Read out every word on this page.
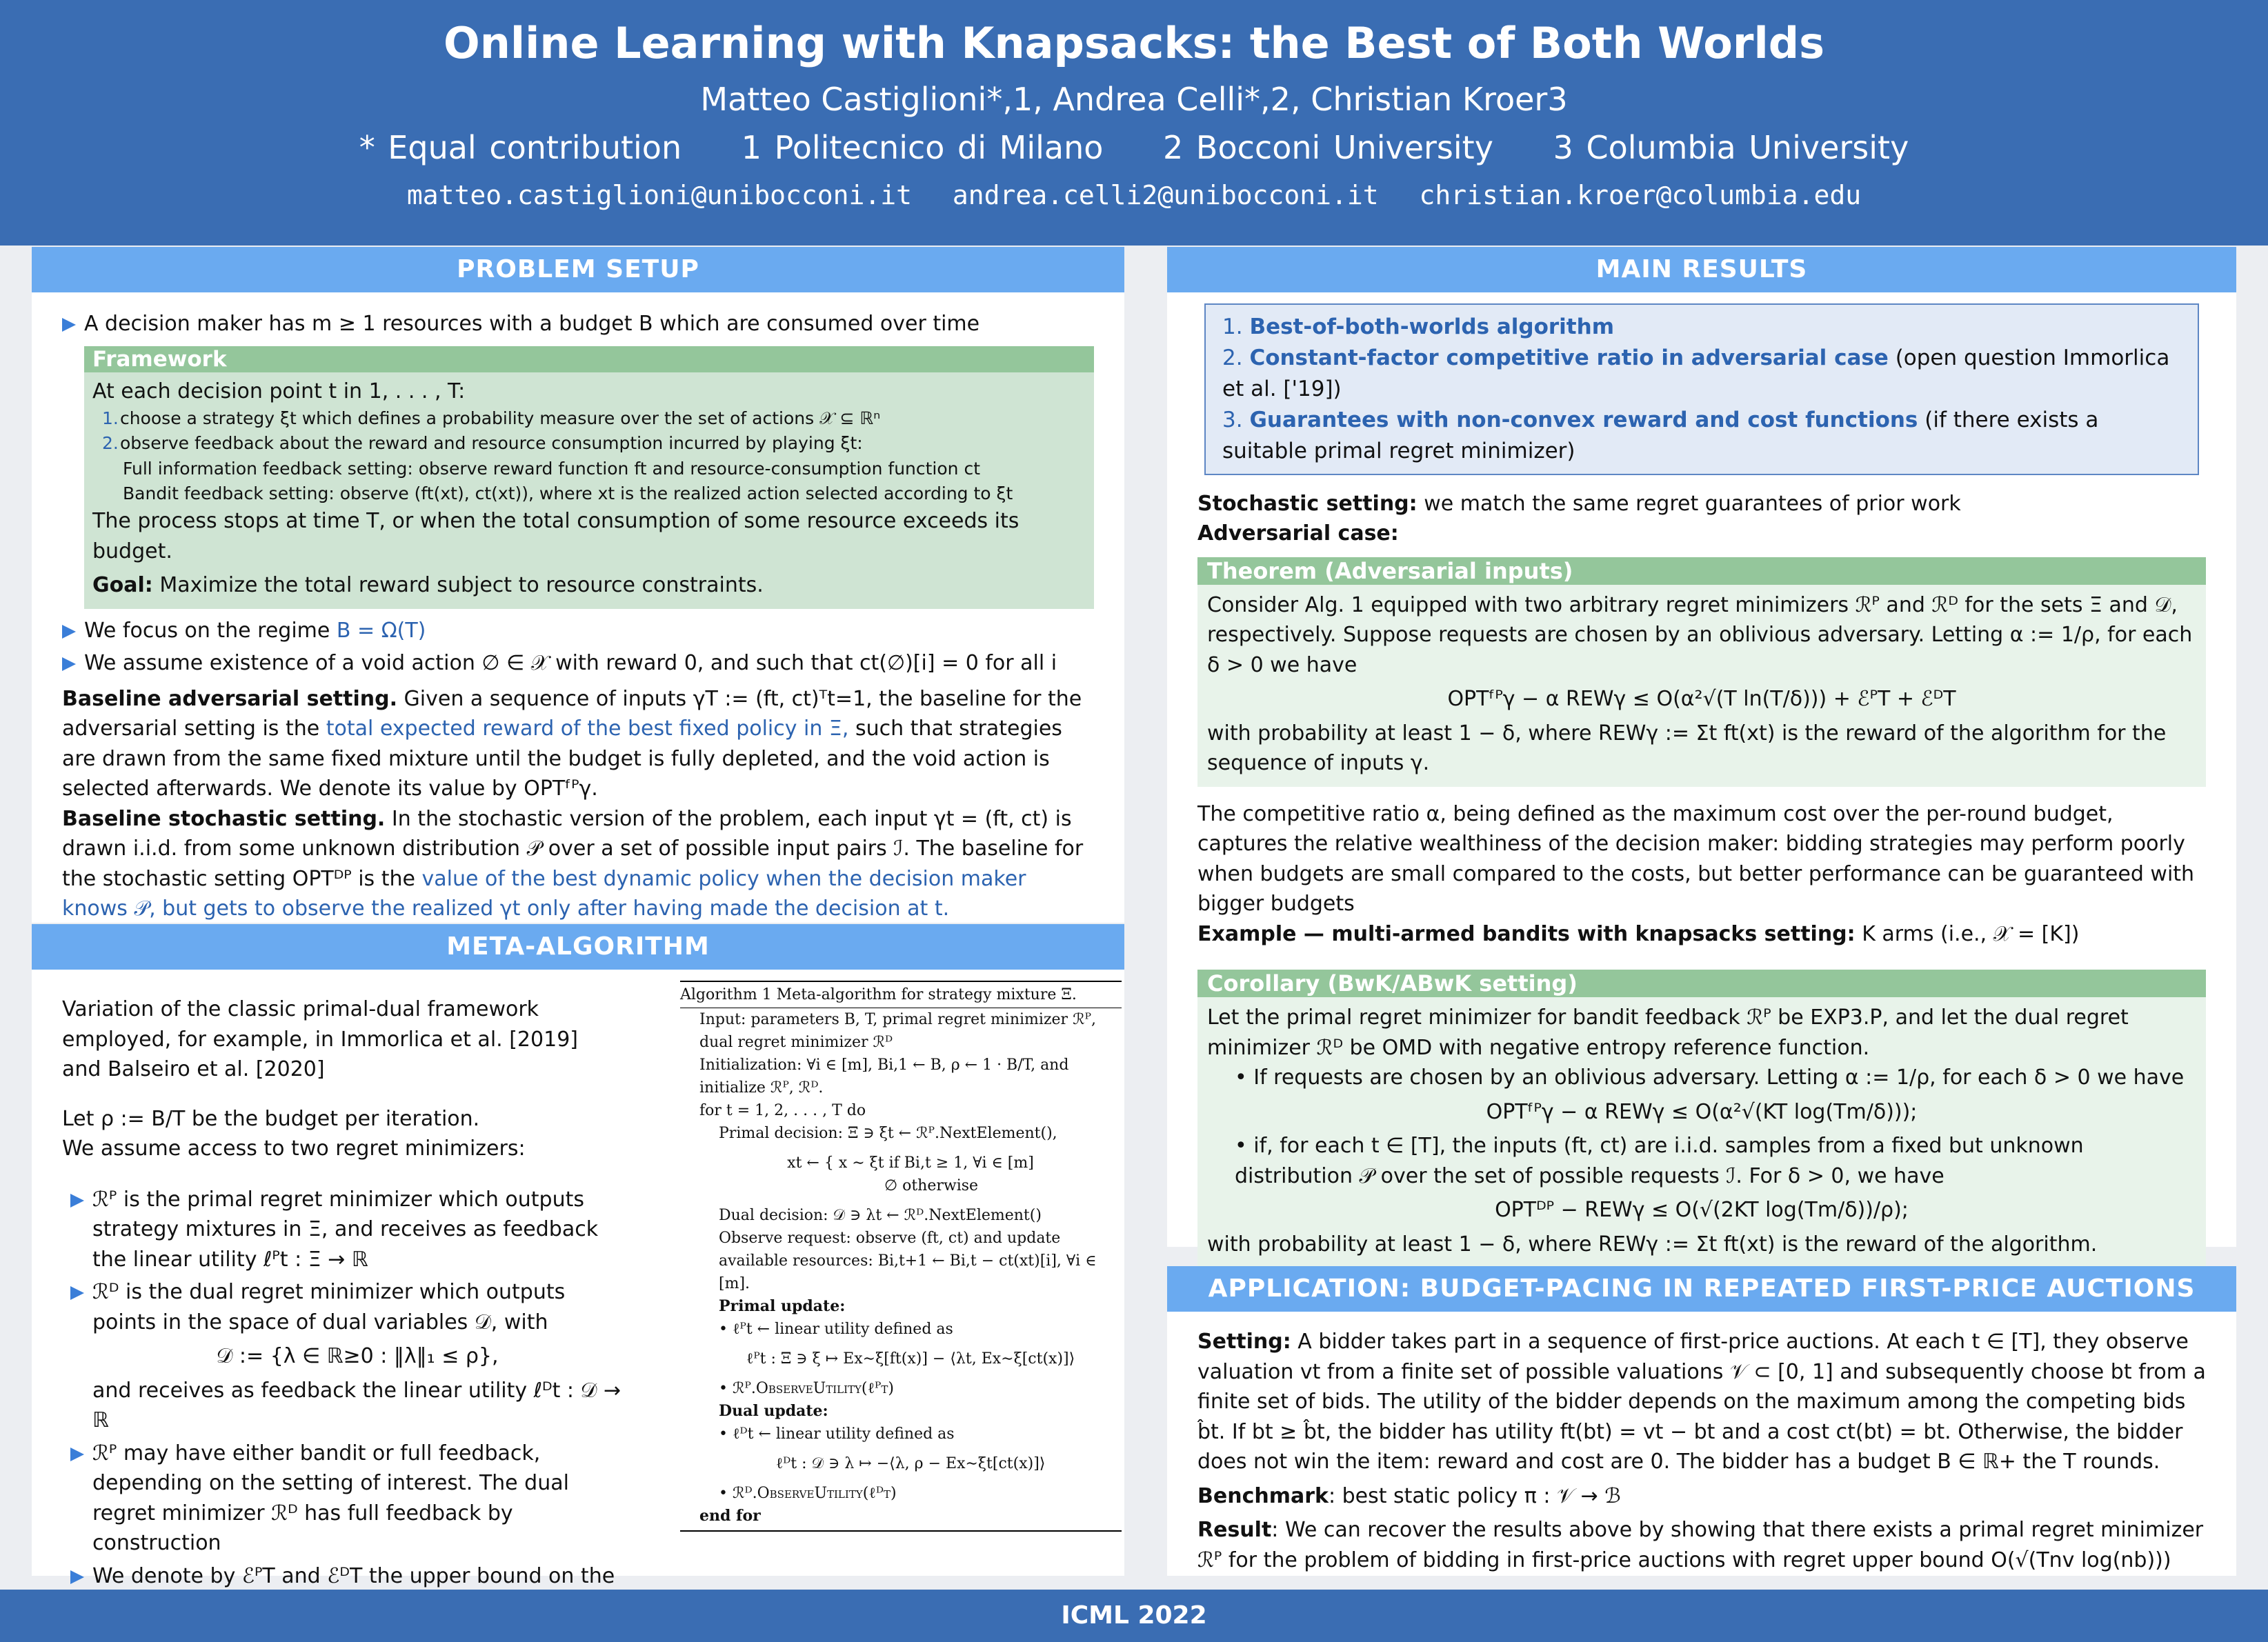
Online Learning with Knapsacks: the Best of Both Worlds
Matteo Castiglioni*,1, Andrea Celli*,2, Christian Kroer3
* Equal contribution 1 Politecnico di Milano 2 Bocconi University 3 Columbia University
matteo.castiglioni@unibocconi.it andrea.celli2@unibocconi.it christian.kroer@columbia.edu
PROBLEM SETUP
A decision maker has m ≥ 1 resources with a budget B which are consumed over time
Framework
At each decision point t in 1, . . . , T:
1.choose a strategy ξt which defines a probability measure over the set of actions 𝒳 ⊆ ℝⁿ
2.observe feedback about the reward and resource consumption incurred by playing ξt:
Full information feedback setting: observe reward function ft and resource-consumption function ct
Bandit feedback setting: observe (ft(xt), ct(xt)), where xt is the realized action selected according to ξt
The process stops at time T, or when the total consumption of some resource exceeds its budget.
Goal: Maximize the total reward subject to resource constraints.
We focus on the regime B = Ω(T)
We assume existence of a void action ∅ ∈ 𝒳 with reward 0, and such that ct(∅)[i] = 0 for all i
Baseline adversarial setting. Given a sequence of inputs γT := (ft, ct)ᵀt=1, the baseline for the adversarial setting is the total expected reward of the best fixed policy in Ξ, such that strategies are drawn from the same fixed mixture until the budget is fully depleted, and the void action is selected afterwards. We denote its value by OPTᶠᴾγ.
Baseline stochastic setting. In the stochastic version of the problem, each input γt = (ft, ct) is drawn i.i.d. from some unknown distribution 𝒫 over a set of possible input pairs ℐ. The baseline for the stochastic setting OPTᴰᴾ is the value of the best dynamic policy when the decision maker knows 𝒫, but gets to observe the realized γt only after having made the decision at t.
META-ALGORITHM
Variation of the classic primal-dual framework employed, for example, in Immorlica et al. [2019] and Balseiro et al. [2020]
Let ρ := B/T be the budget per iteration.
We assume access to two regret minimizers:
ℛᴾ is the primal regret minimizer which outputs strategy mixtures in Ξ, and receives as feedback the linear utility ℓᴾt : Ξ → ℝ
ℛᴰ is the dual regret minimizer which outputs points in the space of dual variables 𝒟, with
𝒟 := {λ ∈ ℝ≥0 : ‖λ‖₁ ≤ ρ},
and receives as feedback the linear utility ℓᴰt : 𝒟 → ℝ
ℛᴾ may have either bandit or full feedback, depending on the setting of interest. The dual regret minimizer ℛᴰ has full feedback by construction
We denote by ℰᴾT and ℰᴰT the upper bound on the
Algorithm 1 Meta-algorithm for strategy mixture Ξ.
Input: parameters B, T, primal regret minimizer ℛᴾ, dual regret minimizer ℛᴰ
Initialization: ∀i ∈ [m], Bi,1 ← B, ρ ← 1 · B/T, and initialize ℛᴾ, ℛᴰ.
for t = 1, 2, . . . , T do
Primal decision: Ξ ∋ ξt ← ℛᴾ.NextElement(),
xt ← { x ∼ ξt if Bi,t ≥ 1, ∀i ∈ [m]
∅ otherwise
Dual decision: 𝒟 ∋ λt ← ℛᴰ.NextElement()
Observe request: observe (ft, ct) and update available resources: Bi,t+1 ← Bi,t − ct(xt)[i], ∀i ∈ [m].
Primal update:
• ℓᴾt ← linear utility defined as
ℓᴾt : Ξ ∋ ξ ↦ Ex∼ξ[ft(x)] − ⟨λt, Ex∼ξ[ct(x)]⟩
• ℛᴾ.ObserveUtility(ℓᴾt)
Dual update:
• ℓᴰt ← linear utility defined as
ℓᴰt : 𝒟 ∋ λ ↦ −⟨λ, ρ − Ex∼ξt[ct(x)]⟩
• ℛᴰ.ObserveUtility(ℓᴰt)
end for
MAIN RESULTS
1. Best-of-both-worlds algorithm
2. Constant-factor competitive ratio in adversarial case (open question Immorlica et al. ['19])
3. Guarantees with non-convex reward and cost functions (if there exists a suitable primal regret minimizer)
Stochastic setting: we match the same regret guarantees of prior work
Adversarial case:
Theorem (Adversarial inputs)
Consider Alg. 1 equipped with two arbitrary regret minimizers ℛᴾ and ℛᴰ for the sets Ξ and 𝒟, respectively. Suppose requests are chosen by an oblivious adversary. Letting α := 1/ρ, for each δ > 0 we have
OPTᶠᴾγ − α REWγ ≤ O(α²√(T ln(T/δ))) + ℰᴾT + ℰᴰT
with probability at least 1 − δ, where REWγ := Σt ft(xt) is the reward of the algorithm for the sequence of inputs γ.
The competitive ratio α, being defined as the maximum cost over the per-round budget, captures the relative wealthiness of the decision maker: bidding strategies may perform poorly when budgets are small compared to the costs, but better performance can be guaranteed with bigger budgets
Example — multi-armed bandits with knapsacks setting: K arms (i.e., 𝒳 = [K])
Corollary (BwK/ABwK setting)
Let the primal regret minimizer for bandit feedback ℛᴾ be EXP3.P, and let the dual regret minimizer ℛᴰ be OMD with negative entropy reference function.
• If requests are chosen by an oblivious adversary. Letting α := 1/ρ, for each δ > 0 we have
OPTᶠᴾγ − α REWγ ≤ O(α²√(KT log(Tm/δ)));
• if, for each t ∈ [T], the inputs (ft, ct) are i.i.d. samples from a fixed but unknown distribution 𝒫 over the set of possible requests ℐ. For δ > 0, we have
OPTᴰᴾ − REWγ ≤ O(√(2KT log(Tm/δ))/ρ);
with probability at least 1 − δ, where REWγ := Σt ft(xt) is the reward of the algorithm.
APPLICATION: BUDGET-PACING IN REPEATED FIRST-PRICE AUCTIONS
Setting: A bidder takes part in a sequence of first-price auctions. At each t ∈ [T], they observe valuation vt from a finite set of possible valuations 𝒱 ⊂ [0, 1] and subsequently choose bt from a finite set of bids. The utility of the bidder depends on the maximum among the competing bids b̂t. If bt ≥ b̂t, the bidder has utility ft(bt) = vt − bt and a cost ct(bt) = bt. Otherwise, the bidder does not win the item: reward and cost are 0. The bidder has a budget B ∈ ℝ+ the T rounds.
Benchmark: best static policy π : 𝒱 → ℬ
Result: We can recover the results above by showing that there exists a primal regret minimizer ℛᴾ for the problem of bidding in first-price auctions with regret upper bound O(√(Tnv log(nb)))
ICML 2022
